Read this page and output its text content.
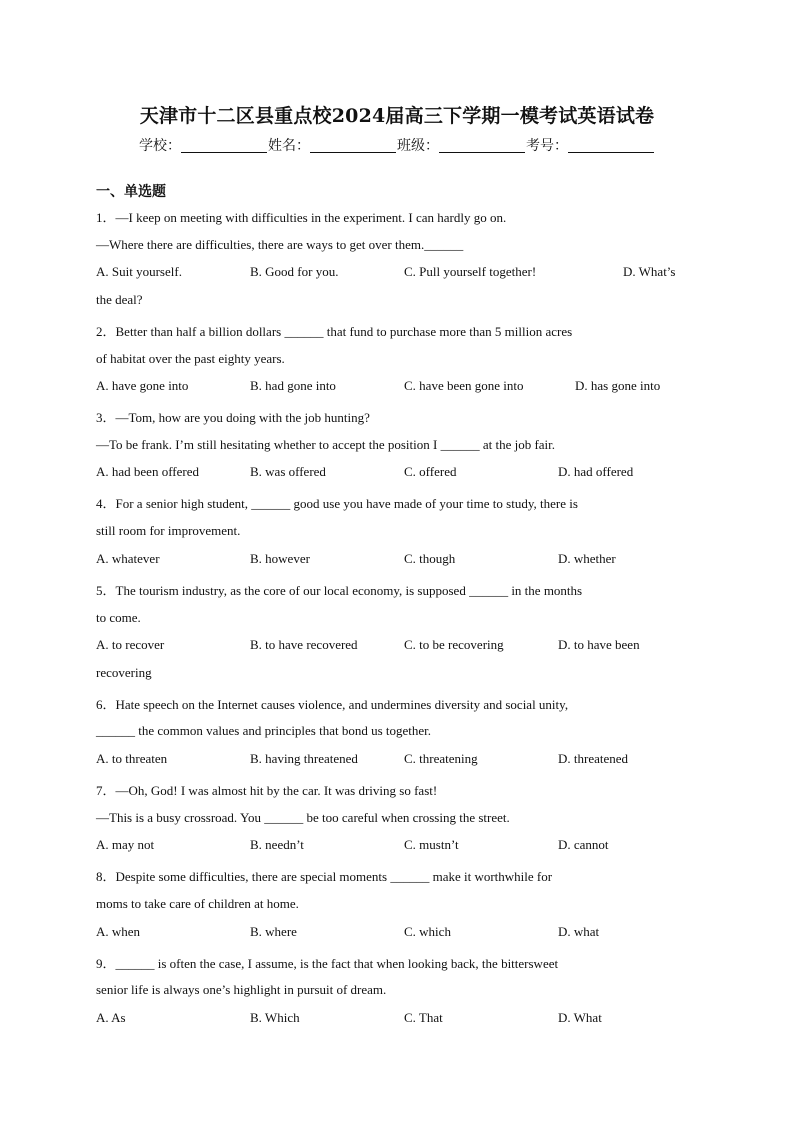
天津市十二区县重点校2024届高三下学期一模考试英语试卷
学校：	姓名：	班级：	考号：
一、单选题
1．—I keep on meeting with difficulties in the experiment. I can hardly go on.
—Where there are difficulties, there are ways to get over them.______
A. Suit yourself.	B. Good for you.	C. Pull yourself together!	D. What’s
the deal?
2．Better than half a billion dollars ______ that fund to purchase more than 5 million acres
of habitat over the past eighty years.
A. have gone into	B. had gone into	C. have been gone into	D. has gone into
3．—Tom, how are you doing with the job hunting?
—To be frank. I’m still hesitating whether to accept the position I ______ at the job fair.
A. had been offered	B. was offered	C. offered	D. had offered
4．For a senior high student, ______ good use you have made of your time to study, there is
still room for improvement.
A. whatever	B. however	C. though	D. whether
5．The tourism industry, as the core of our local economy, is supposed ______ in the months
to come.
A. to recover	B. to have recovered	C. to be recovering	D. to have been
recovering
6．Hate speech on the Internet causes violence, and undermines diversity and social unity,
______ the common values and principles that bond us together.
A. to threaten	B. having threatened	C. threatening	D. threatened
7．—Oh, God! I was almost hit by the car. It was driving so fast!
—This is a busy crossroad. You ______ be too careful when crossing the street.
A. may not	B. needn’t	C. mustn’t	D. cannot
8．Despite some difficulties, there are special moments ______ make it worthwhile for
moms to take care of children at home.
A. when	B. where	C. which	D. what
9．______ is often the case, I assume, is the fact that when looking back, the bittersweet
senior life is always one’s highlight in pursuit of dream.
A. As	B. Which	C. That	D. What
